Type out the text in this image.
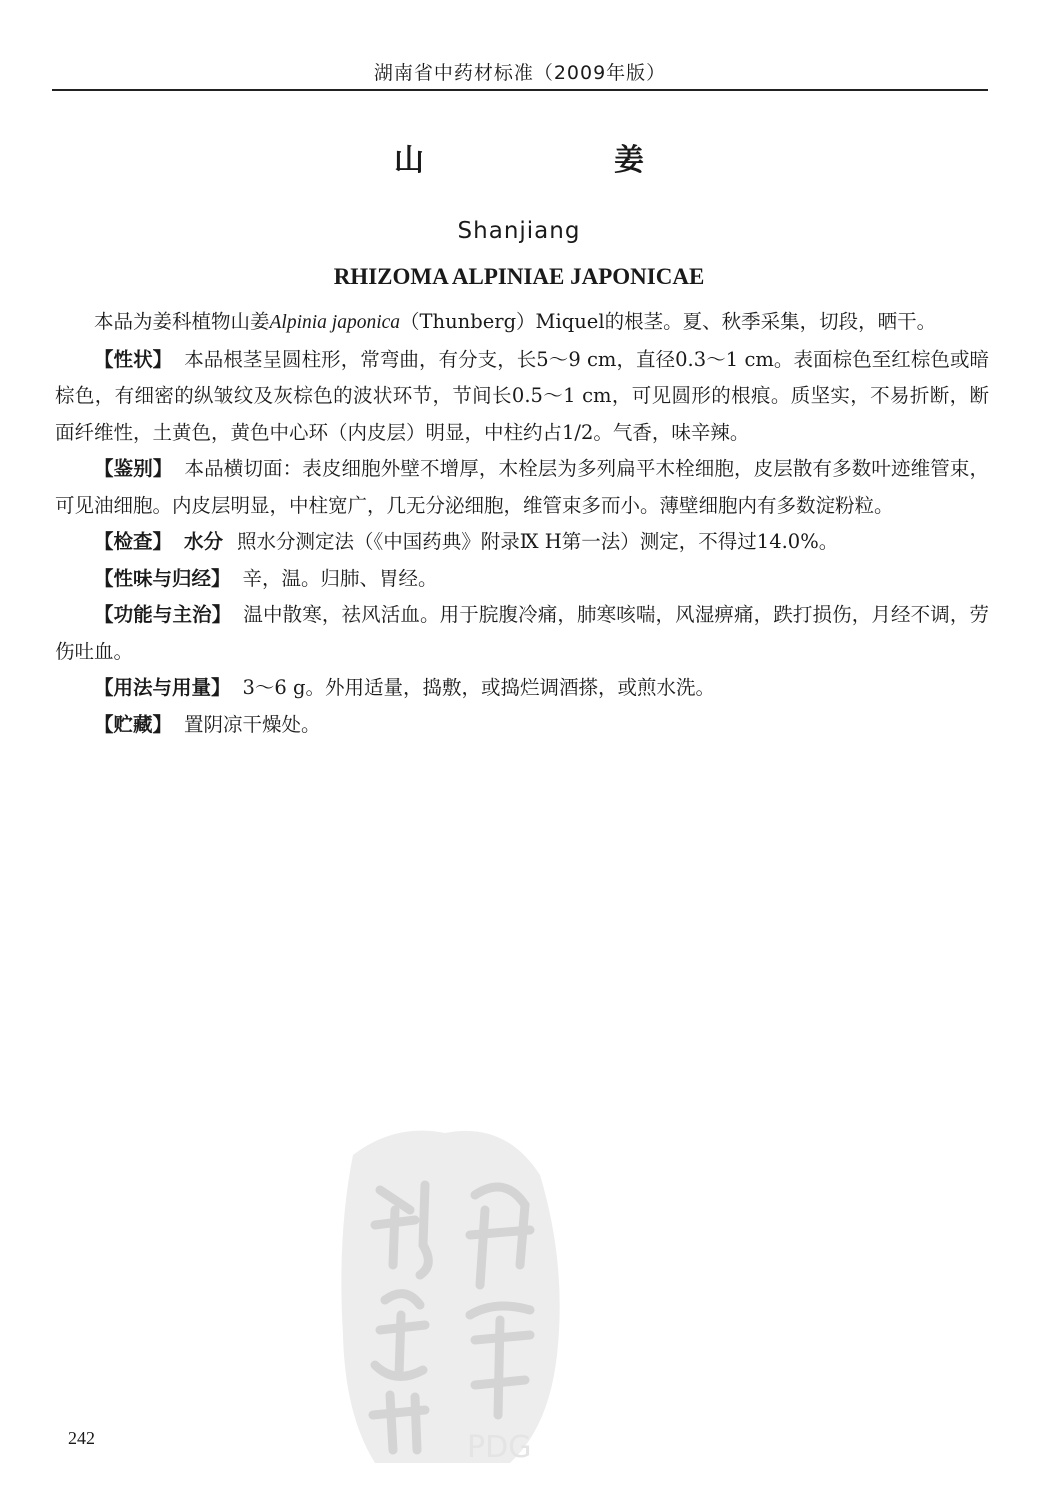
湖南省中药材标准（2009年版）
山　姜
Shanjiang
RHIZOMA ALPINIAE JAPONICAE

本品为姜科植物山姜Alpinia japonica（Thunberg）Miquel的根茎。夏、秋季采集，切段，晒干。

【性状】 本品根茎呈圆柱形，常弯曲，有分支，长5～9 cm，直径0.3～1 cm。表面棕色至红棕色或暗棕色，有细密的纵皱纹及灰棕色的波状环节，节间长0.5～1 cm，可见圆形的根痕。质坚实，不易折断，断面纤维性，土黄色，黄色中心环（内皮层）明显，中柱约占1/2。气香，味辛辣。

【鉴别】 本品横切面：表皮细胞外壁不增厚，木栓层为多列扁平木栓细胞，皮层散有多数叶迹维管束，可见油细胞。内皮层明显，中柱宽广，几无分泌细胞，维管束多而小。薄壁细胞内有多数淀粉粒。

【检查】 水分 照水分测定法（《中国药典》附录Ⅸ H第一法）测定，不得过14.0%。

【性味与归经】 辛，温。归肺、胃经。

【功能与主治】 温中散寒，祛风活血。用于脘腹冷痛，肺寒咳喘，风湿痹痛，跌打损伤，月经不调，劳伤吐血。

【用法与用量】 3～6 g。外用适量，捣敷，或捣烂调酒搽，或煎水洗。

【贮藏】 置阴凉干燥处。

PDG
242
